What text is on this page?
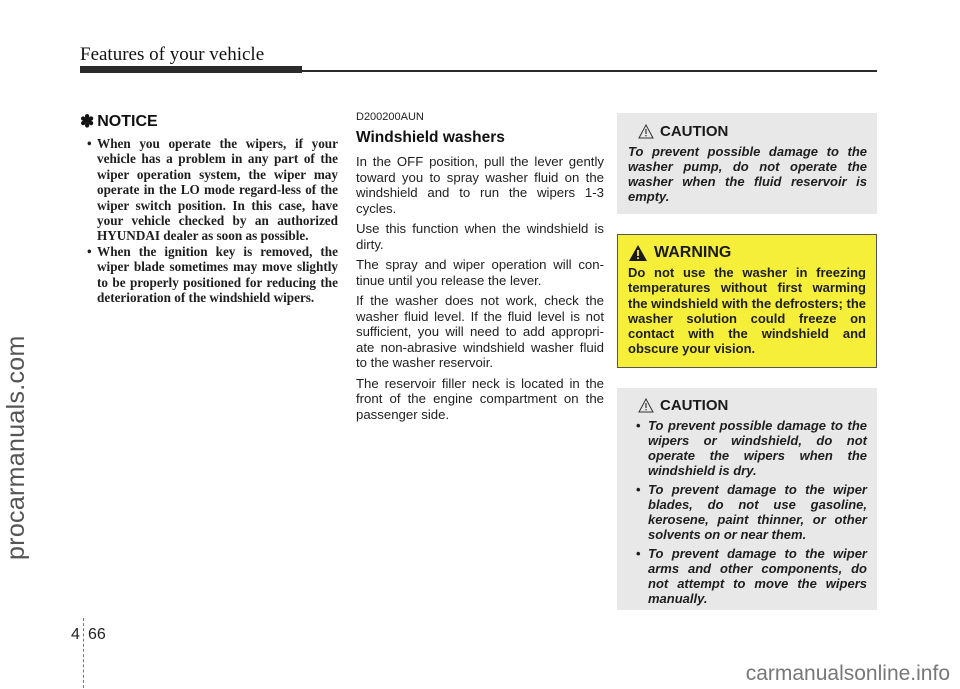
Features of your vehicle
procarmanuals.com
carmanualsonline.info
✽ NOTICE
• When you operate the wipers, if your vehicle has a problem in any part of the wiper operation system, the wiper may operate in the LO mode regard-less of the wiper switch position. In this case, have your vehicle checked by an authorized HYUNDAI dealer as soon as possible.
• When the ignition key is removed, the wiper blade sometimes may move slightly to be properly positioned for reducing the deterioration of the windshield wipers.
D200200AUN
Windshield washers

In the OFF position, pull the lever gently toward you to spray washer fluid on the windshield and to run the wipers 1-3 cycles.

Use this function when the windshield is dirty.

The spray and wiper operation will con-tinue until you release the lever.

If the washer does not work, check the washer fluid level. If the fluid level is not sufficient, you will need to add appropri-ate non-abrasive windshield washer fluid to the washer reservoir.

The reservoir filler neck is located in the front of the engine compartment on the passenger side.

CAUTION

To prevent possible damage to the washer pump, do not operate the washer when the fluid reservoir is empty.

WARNING

Do not use the washer in freezing temperatures without first warming the windshield with the defrosters; the washer solution could freeze on contact with the windshield and obscure your vision.

CAUTION
• To prevent possible damage to the wipers or windshield, do not operate the wipers when the windshield is dry.
• To prevent damage to the wiper blades, do not use gasoline, kerosene, paint thinner, or other solvents on or near them.
• To prevent damage to the wiper arms and other components, do not attempt to move the wipers manually.
4 66
